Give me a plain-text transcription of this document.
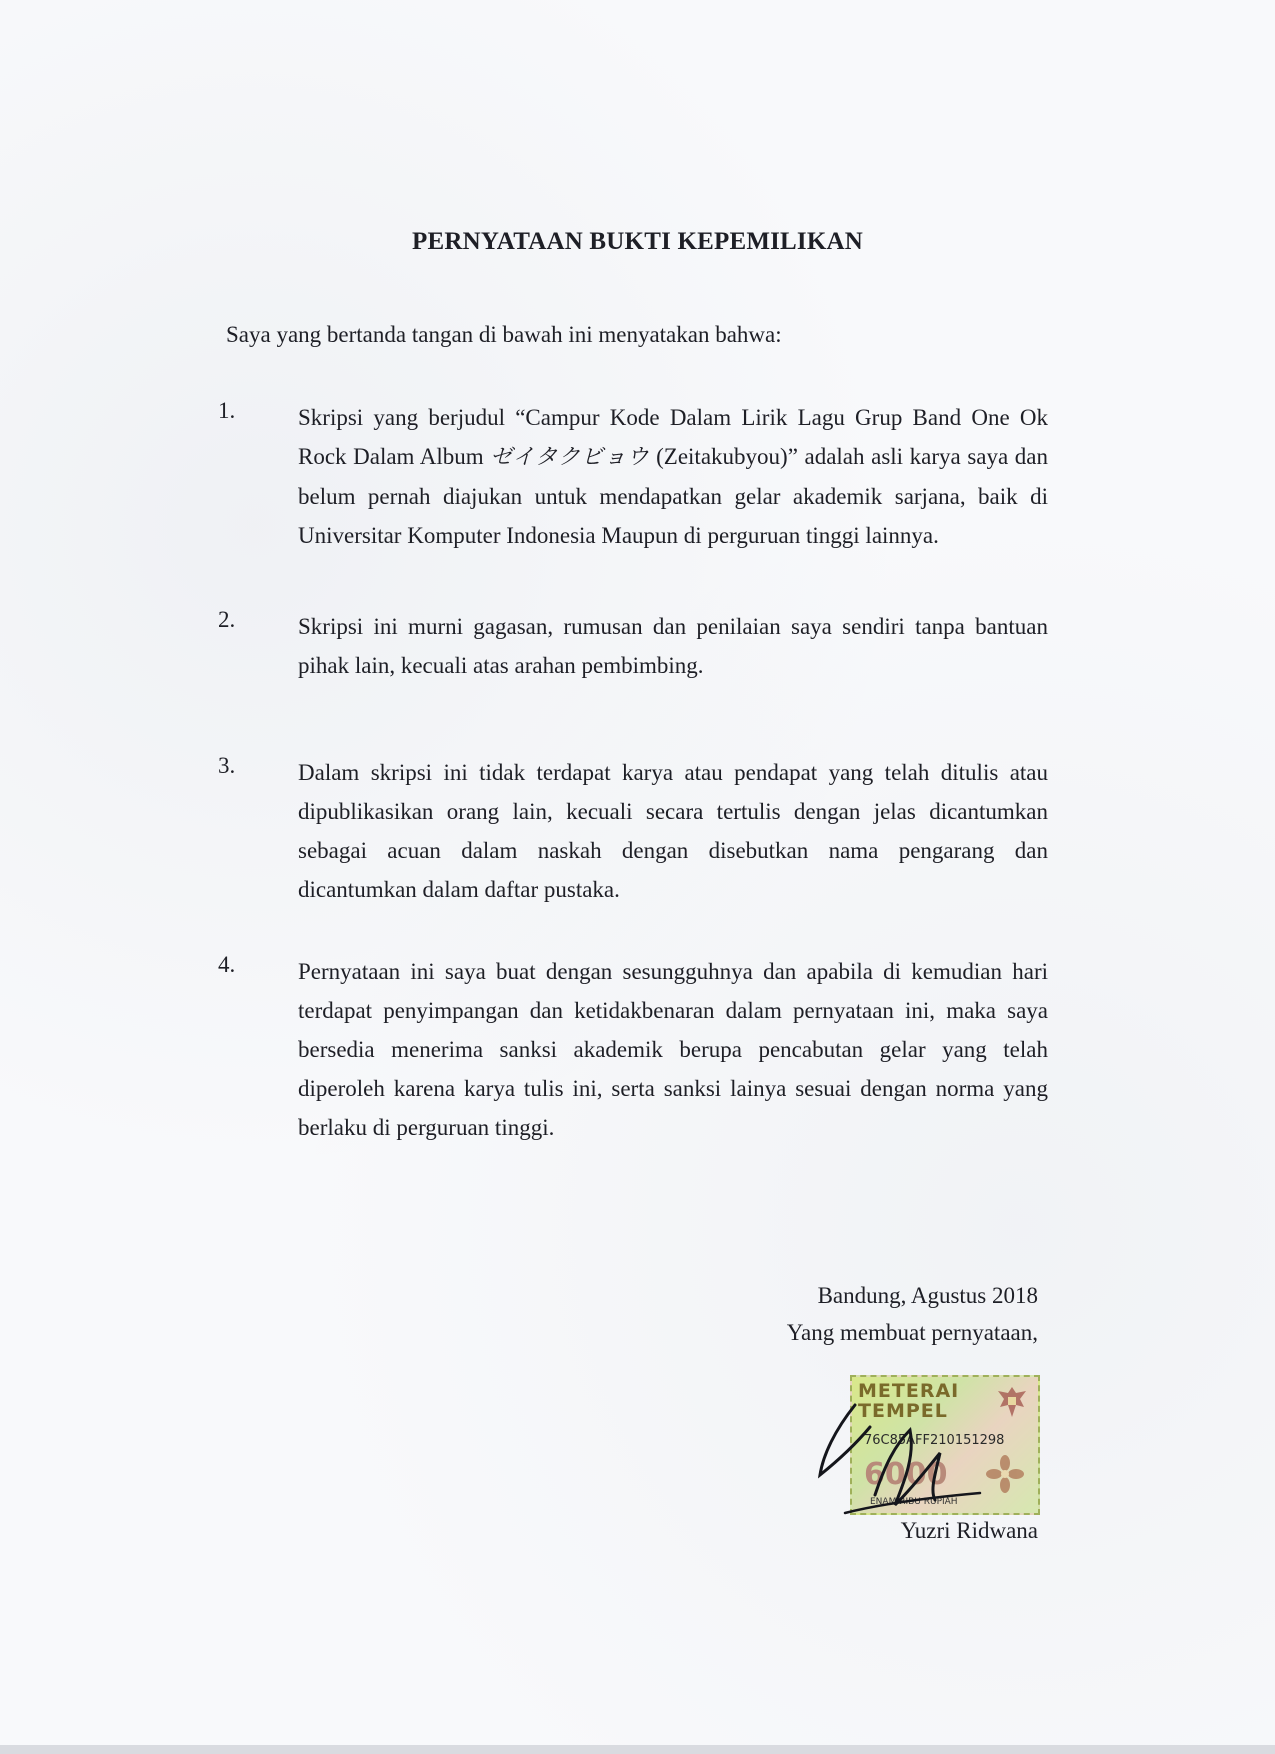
PERNYATAAN BUKTI KEPEMILIKAN

Saya yang bertanda tangan di bawah ini menyatakan bahwa:

1.	Skripsi yang berjudul “Campur Kode Dalam Lirik Lagu Grup Band One Ok Rock Dalam Album ゼイタクビョウ (Zeitakubyou)” adalah asli karya saya dan belum pernah diajukan untuk mendapatkan gelar akademik sarjana, baik di Universitar Komputer Indonesia Maupun di perguruan tinggi lainnya.

2.	Skripsi ini murni gagasan, rumusan dan penilaian saya sendiri tanpa bantuan pihak lain, kecuali atas arahan pembimbing.

3.	Dalam skripsi ini tidak terdapat karya atau pendapat yang telah ditulis atau dipublikasikan orang lain, kecuali secara tertulis dengan jelas dicantumkan sebagai acuan dalam naskah dengan disebutkan nama pengarang dan dicantumkan dalam daftar pustaka.

4.	Pernyataan ini saya buat dengan sesungguhnya dan apabila di kemudian hari terdapat penyimpangan dan ketidakbenaran dalam pernyataan ini, maka saya bersedia menerima sanksi akademik berupa pencabutan gelar yang telah diperoleh karena karya tulis ini, serta sanksi lainya sesuai dengan norma yang berlaku di perguruan tinggi.

Bandung, Agustus 2018
Yang membuat pernyataan,
METERAI
TEMPEL
76C85AFF210151298
6000
ENAM RIBU RUPIAH
Yuzri Ridwana
